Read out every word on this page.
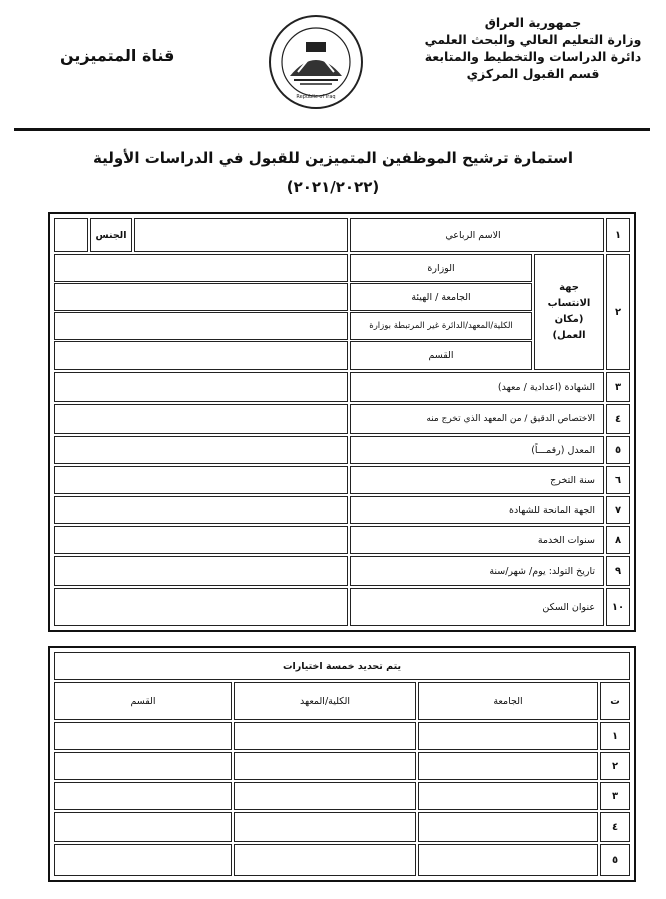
جمهورية العراق
وزارة التعليم العالي والبحث العلمي
دائرة الدراسات والتخطيط والمتابعة
قسم القبول المركزي
Republic of Iraq
قناة المتميزين
استمارة ترشيح الموظفين المتميزين للقبول في الدراسات الأولية
(٢٠٢١/٢٠٢٢)
١
الاسم الرباعي
الجنس
٢
جهة الانتساب (مكان العمل)
الوزارة
الجامعة / الهيئة
الكلية/المعهد/الدائرة غير المرتبطة بوزارة
القسم
٣
الشهادة (اعدادية / معهد)
٤
الاختصاص الدقيق / من المعهد الذي تخرج منه
٥
المعدل (رقمـــاً)
٦
سنة التخرج
٧
الجهة المانحة للشهادة
٨
سنوات الخدمة
٩
تاريخ التولد: يوم/ شهر/سنة
١٠
عنوان السكن
يتم تحديد خمسة اختيارات
ت
الجامعة
الكلية/المعهد
القسم
١
٢
٣
٤
٥
